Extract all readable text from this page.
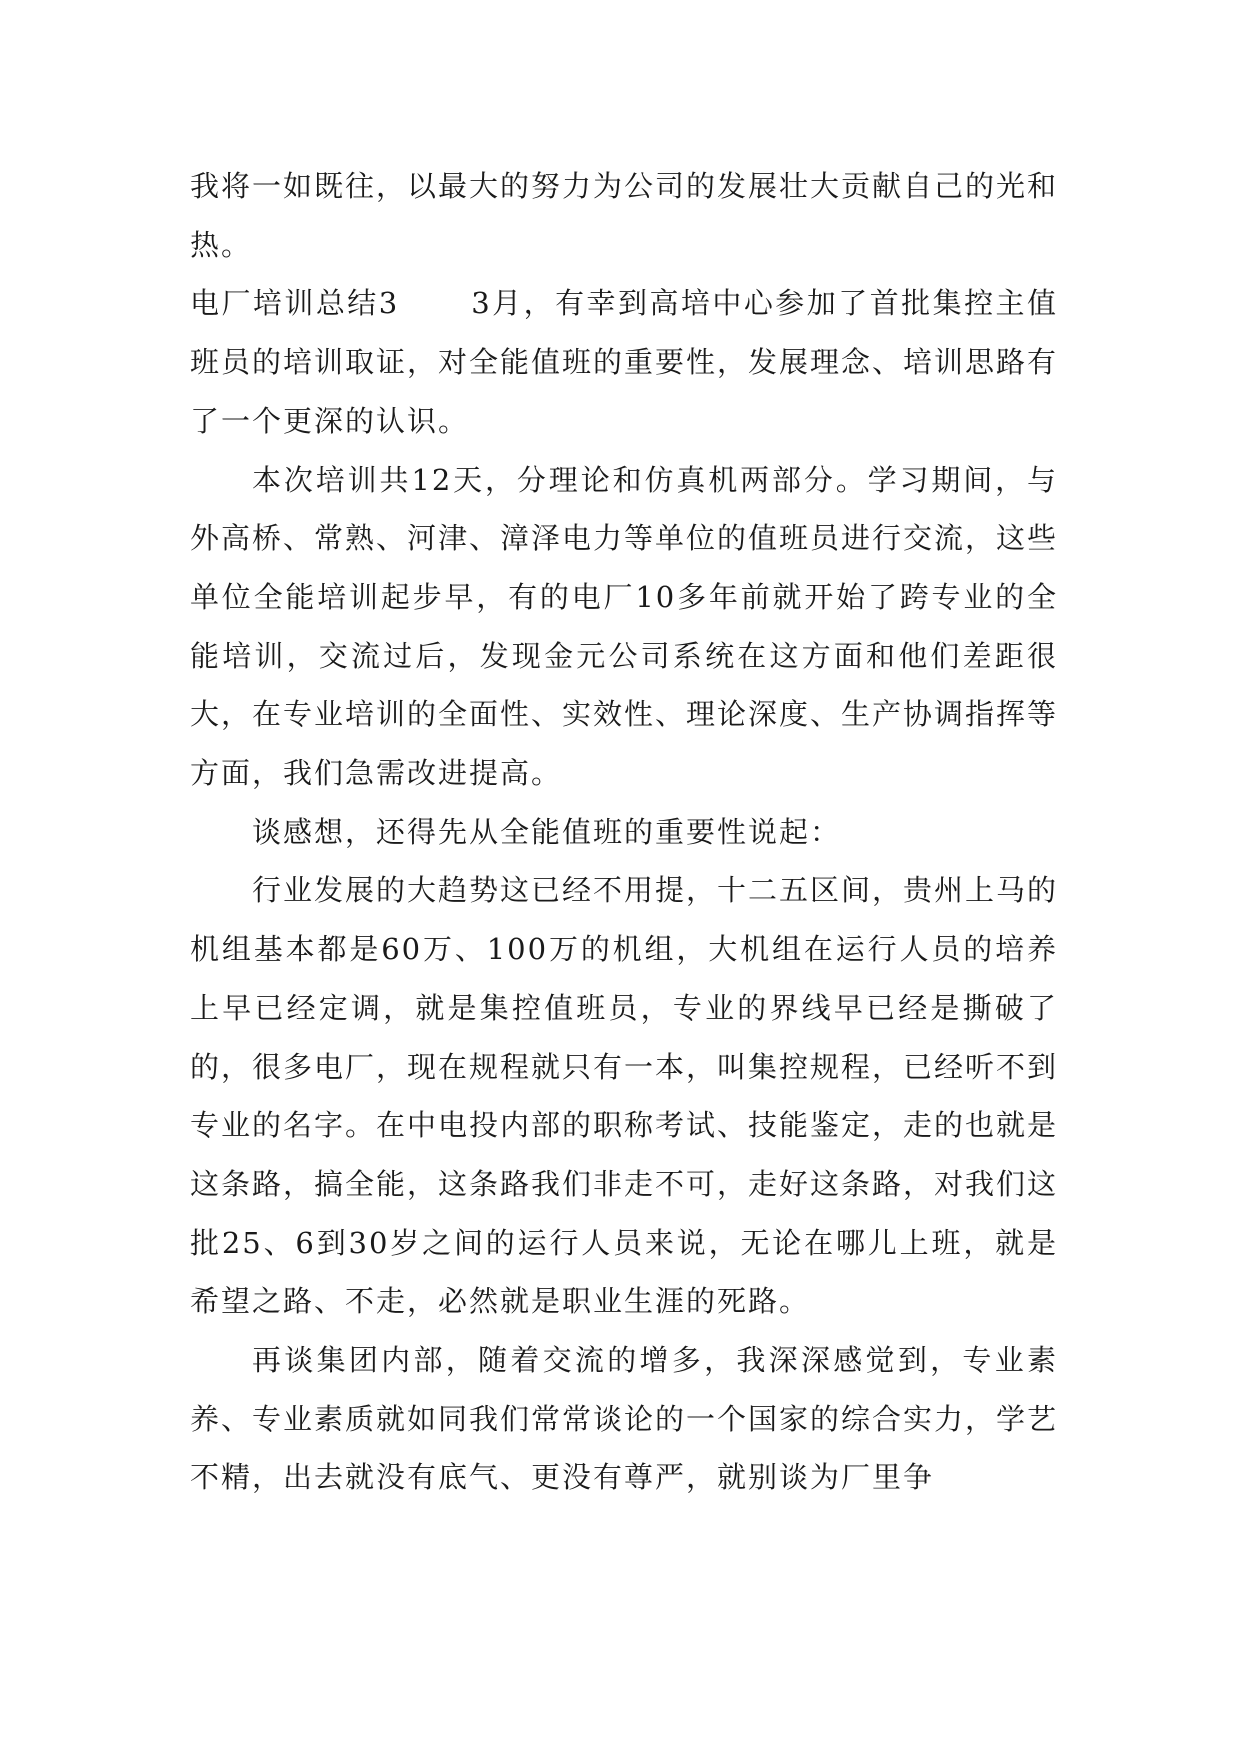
我将一如既往，以最大的努力为公司的发展壮大贡献自己的光和热。

电厂培训总结3 3月，有幸到高培中心参加了首批集控主值班员的培训取证，对全能值班的重要性，发展理念、培训思路有了一个更深的认识。

本次培训共12天，分理论和仿真机两部分。学习期间，与外高桥、常熟、河津、漳泽电力等单位的值班员进行交流，这些单位全能培训起步早，有的电厂10多年前就开始了跨专业的全能培训，交流过后，发现金元公司系统在这方面和他们差距很大，在专业培训的全面性、实效性、理论深度、生产协调指挥等方面，我们急需改进提高。

谈感想，还得先从全能值班的重要性说起：

行业发展的大趋势这已经不用提，十二五区间，贵州上马的机组基本都是60万、100万的机组，大机组在运行人员的培养上早已经定调，就是集控值班员，专业的界线早已经是撕破了的，很多电厂，现在规程就只有一本，叫集控规程，已经听不到专业的名字。在中电投内部的职称考试、技能鉴定，走的也就是这条路，搞全能，这条路我们非走不可，走好这条路，对我们这批25、6到30岁之间的运行人员来说，无论在哪儿上班，就是希望之路、不走，必然就是职业生涯的死路。

再谈集团内部，随着交流的增多，我深深感觉到，专业素养、专业素质就如同我们常常谈论的一个国家的综合实力，学艺不精，出去就没有底气、更没有尊严，就别谈为厂里争
